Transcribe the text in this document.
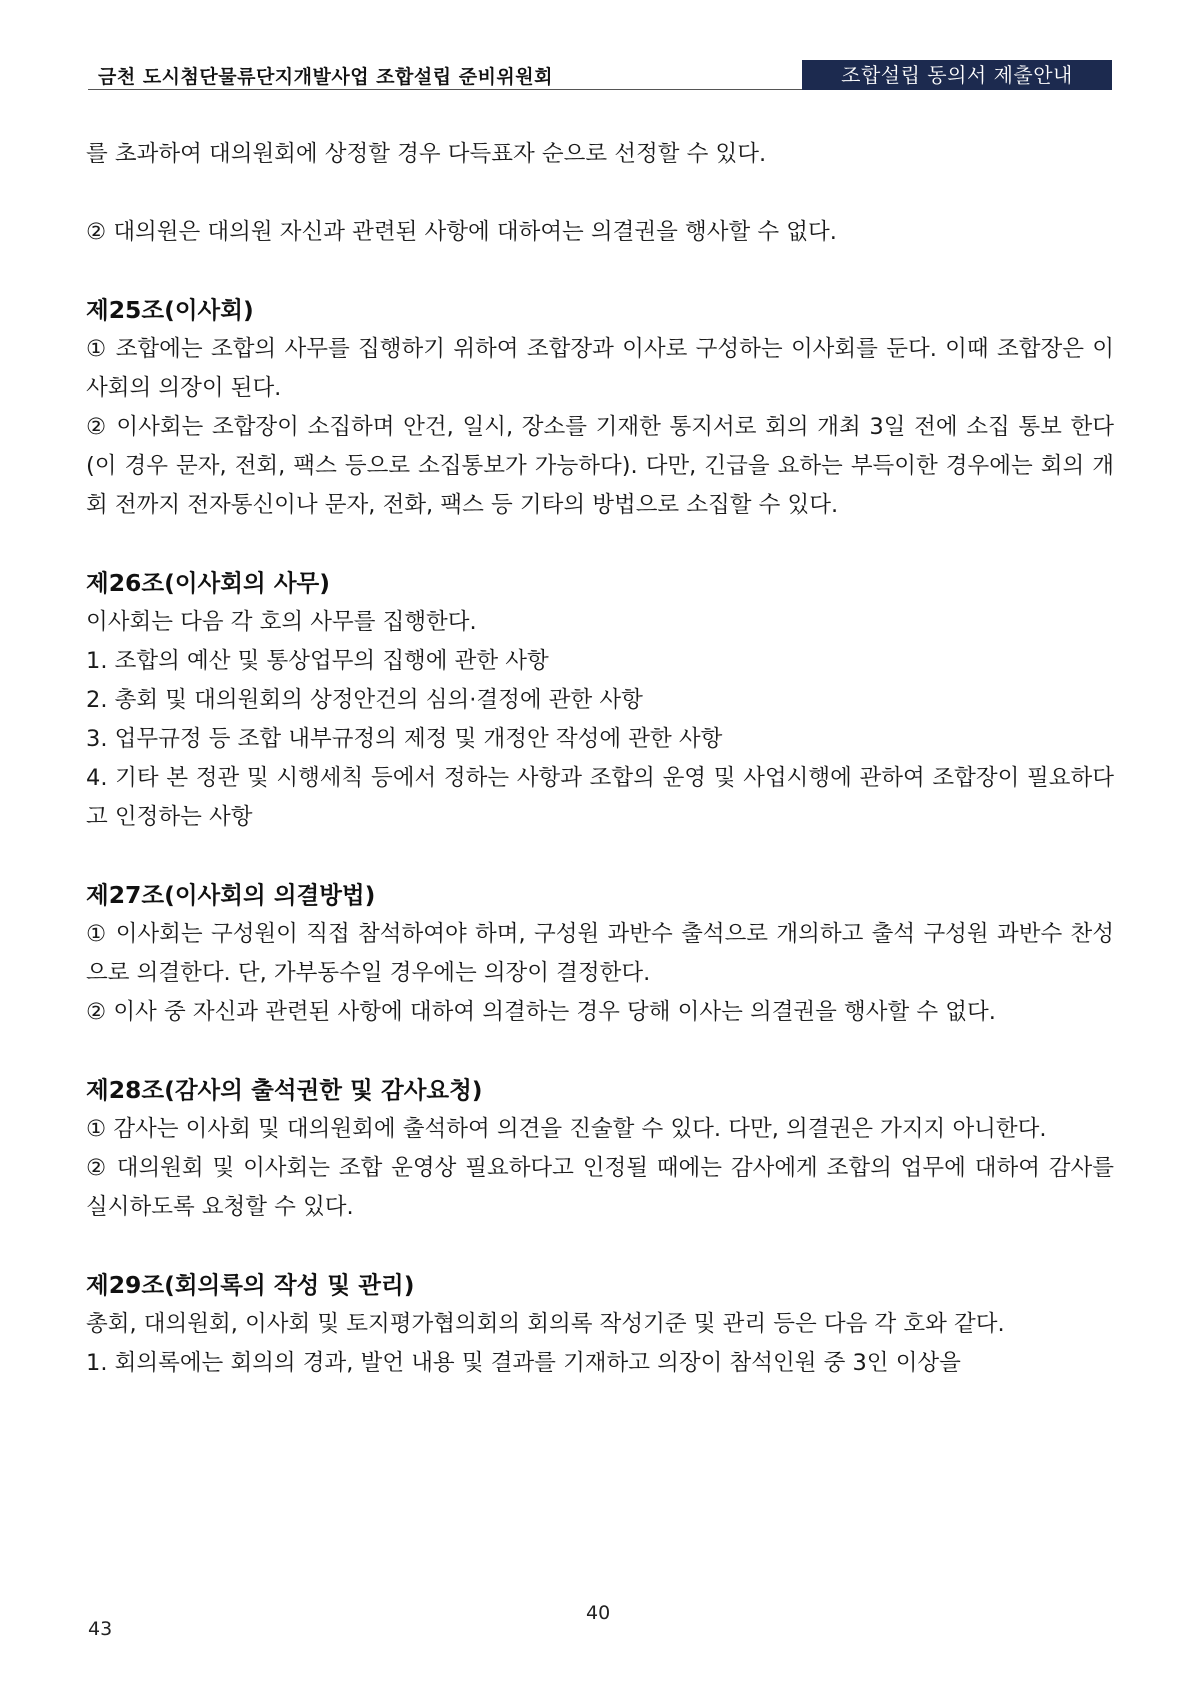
금천 도시첨단물류단지개발사업 조합설립 준비위원회	조합설립 동의서 제출안내

를 초과하여 대의원회에 상정할 경우 다득표자 순으로 선정할 수 있다.

② 대의원은 대의원 자신과 관련된 사항에 대하여는 의결권을 행사할 수 없다.

제25조(이사회)

① 조합에는 조합의 사무를 집행하기 위하여 조합장과 이사로 구성하는 이사회를 둔다. 이때 조합장은 이사회의 의장이 된다.

② 이사회는 조합장이 소집하며 안건, 일시, 장소를 기재한 통지서로 회의 개최 3일 전에 소집 통보 한다(이 경우 문자, 전회, 팩스 등으로 소집통보가 가능하다). 다만, 긴급을 요하는 부득이한 경우에는 회의 개회 전까지 전자통신이나 문자, 전화, 팩스 등 기타의 방법으로 소집할 수 있다.

제26조(이사회의 사무)

이사회는 다음 각 호의 사무를 집행한다.

1. 조합의 예산 및 통상업무의 집행에 관한 사항

2. 총회 및 대의원회의 상정안건의 심의·결정에 관한 사항

3. 업무규정 등 조합 내부규정의 제정 및 개정안 작성에 관한 사항

4. 기타 본 정관 및 시행세칙 등에서 정하는 사항과 조합의 운영 및 사업시행에 관하여 조합장이 필요하다고 인정하는 사항

제27조(이사회의 의결방법)

① 이사회는 구성원이 직접 참석하여야 하며, 구성원 과반수 출석으로 개의하고 출석 구성원 과반수 찬성으로 의결한다. 단, 가부동수일 경우에는 의장이 결정한다.

② 이사 중 자신과 관련된 사항에 대하여 의결하는 경우 당해 이사는 의결권을 행사할 수 없다.

제28조(감사의 출석권한 및 감사요청)

① 감사는 이사회 및 대의원회에 출석하여 의견을 진술할 수 있다. 다만, 의결권은 가지지 아니한다.

② 대의원회 및 이사회는 조합 운영상 필요하다고 인정될 때에는 감사에게 조합의 업무에 대하여 감사를 실시하도록 요청할 수 있다.

제29조(회의록의 작성 및 관리)

총회, 대의원회, 이사회 및 토지평가협의회의 회의록 작성기준 및 관리 등은 다음 각 호와 같다.

1. 회의록에는 회의의 경과, 발언 내용 및 결과를 기재하고 의장이 참석인원 중 3인 이상을

40
43
